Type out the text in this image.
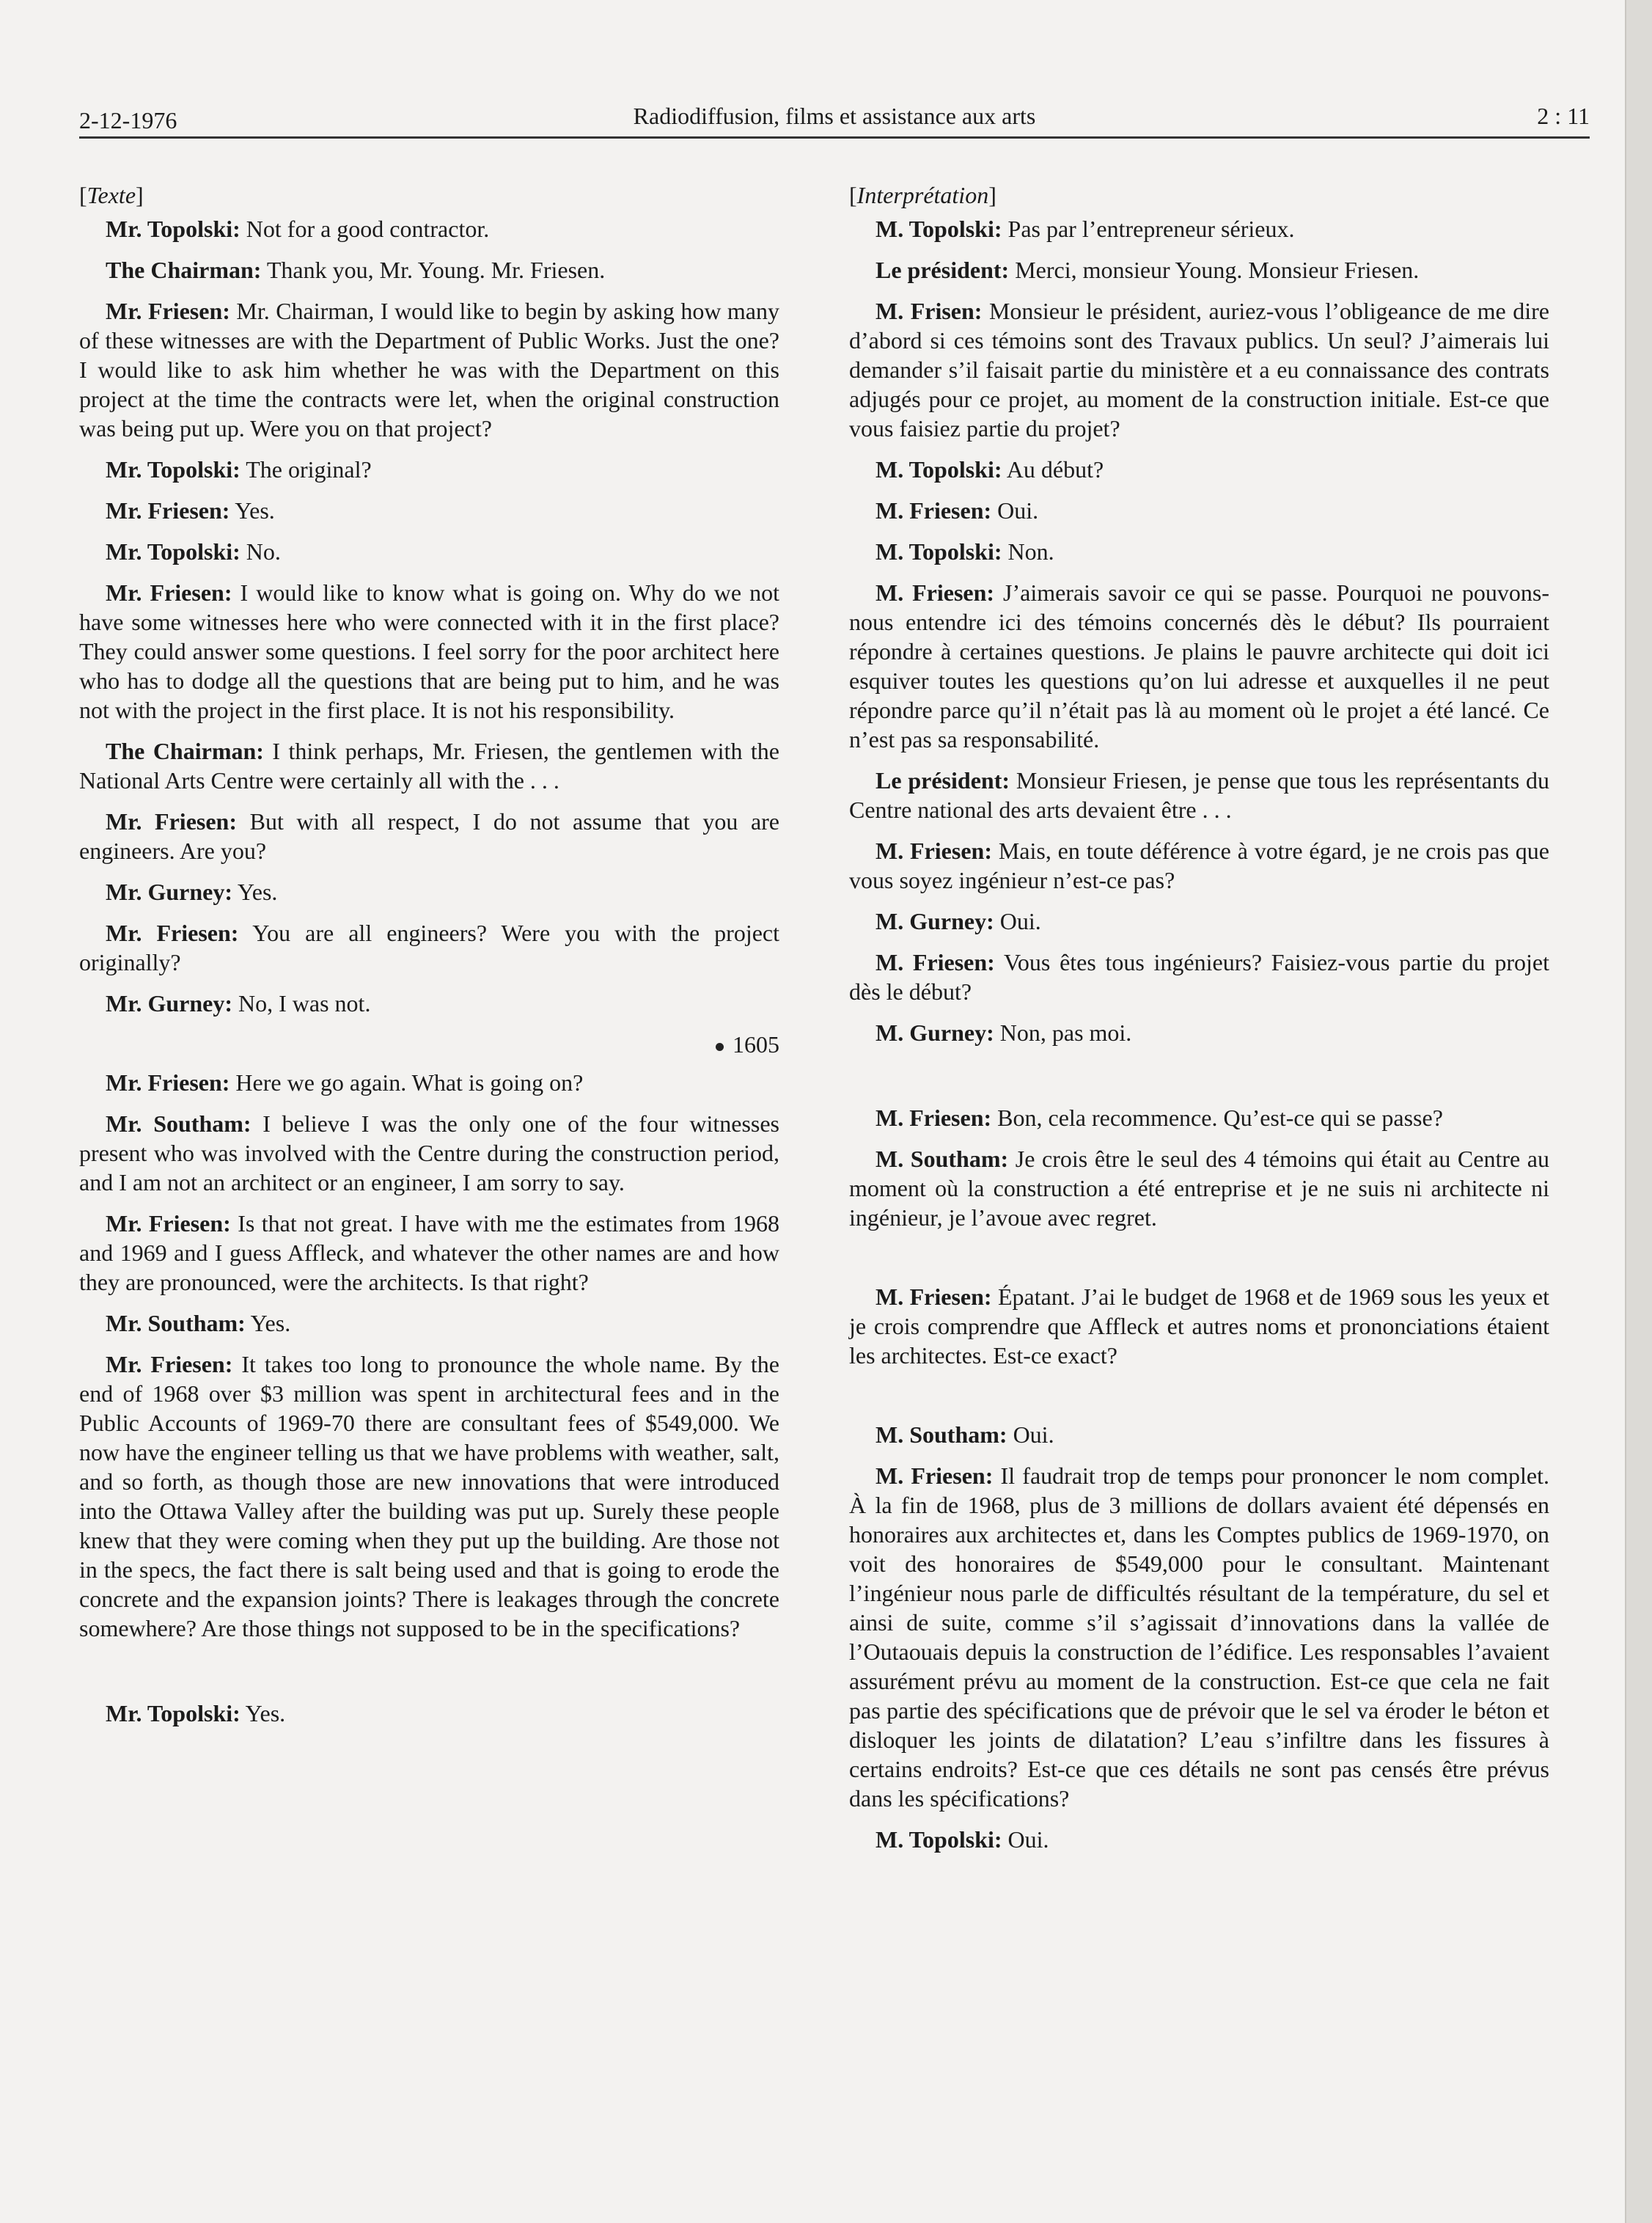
2-12-1976	Radiodiffusion, films et assistance aux arts	2 : 11

[Texte]

Mr. Topolski: Not for a good contractor.

The Chairman: Thank you, Mr. Young. Mr. Friesen.

Mr. Friesen: Mr. Chairman, I would like to begin by asking how many of these witnesses are with the Department of Public Works. Just the one? I would like to ask him whether he was with the Department on this project at the time the contracts were let, when the original construction was being put up. Were you on that project?

Mr. Topolski: The original?

Mr. Friesen: Yes.

Mr. Topolski: No.

Mr. Friesen: I would like to know what is going on. Why do we not have some witnesses here who were connected with it in the first place? They could answer some questions. I feel sorry for the poor architect here who has to dodge all the questions that are being put to him, and he was not with the project in the first place. It is not his responsibility.

The Chairman: I think perhaps, Mr. Friesen, the gentlemen with the National Arts Centre were certainly all with the . . .

Mr. Friesen: But with all respect, I do not assume that you are engineers. Are you?

Mr. Gurney: Yes.

Mr. Friesen: You are all engineers? Were you with the project originally?

Mr. Gurney: No, I was not.

1605

Mr. Friesen: Here we go again. What is going on?

Mr. Southam: I believe I was the only one of the four witnesses present who was involved with the Centre during the construction period, and I am not an architect or an engineer, I am sorry to say.

Mr. Friesen: Is that not great. I have with me the estimates from 1968 and 1969 and I guess Affleck, and whatever the other names are and how they are pronounced, were the architects. Is that right?

Mr. Southam: Yes.

Mr. Friesen: It takes too long to pronounce the whole name. By the end of 1968 over $3 million was spent in architectural fees and in the Public Accounts of 1969-70 there are consultant fees of $549,000. We now have the engineer telling us that we have problems with weather, salt, and so forth, as though those are new innovations that were introduced into the Ottawa Valley after the building was put up. Surely these people knew that they were coming when they put up the building. Are those not in the specs, the fact there is salt being used and that is going to erode the concrete and the expansion joints? There is leakages through the concrete somewhere? Are those things not supposed to be in the specifications?

Mr. Topolski: Yes.

[Interprétation]

M. Topolski: Pas par l’entrepreneur sérieux.

Le président: Merci, monsieur Young. Monsieur Friesen.

M. Frisen: Monsieur le président, auriez-vous l’obligeance de me dire d’abord si ces témoins sont des Travaux publics. Un seul? J’aimerais lui demander s’il faisait partie du ministère et a eu connaissance des contrats adjugés pour ce projet, au moment de la construction initiale. Est-ce que vous faisiez partie du projet?

M. Topolski: Au début?

M. Friesen: Oui.

M. Topolski: Non.

M. Friesen: J’aimerais savoir ce qui se passe. Pourquoi ne pouvons-nous entendre ici des témoins concernés dès le début? Ils pourraient répondre à certaines questions. Je plains le pauvre architecte qui doit ici esquiver toutes les questions qu’on lui adresse et auxquelles il ne peut répondre parce qu’il n’était pas là au moment où le projet a été lancé. Ce n’est pas sa responsabilité.

Le président: Monsieur Friesen, je pense que tous les représentants du Centre national des arts devaient être . . .

M. Friesen: Mais, en toute déférence à votre égard, je ne crois pas que vous soyez ingénieur n’est-ce pas?

M. Gurney: Oui.

M. Friesen: Vous êtes tous ingénieurs? Faisiez-vous partie du projet dès le début?

M. Gurney: Non, pas moi.

M. Friesen: Bon, cela recommence. Qu’est-ce qui se passe?

M. Southam: Je crois être le seul des 4 témoins qui était au Centre au moment où la construction a été entreprise et je ne suis ni architecte ni ingénieur, je l’avoue avec regret.

M. Friesen: Épatant. J’ai le budget de 1968 et de 1969 sous les yeux et je crois comprendre que Affleck et autres noms et prononciations étaient les architectes. Est-ce exact?

M. Southam: Oui.

M. Friesen: Il faudrait trop de temps pour prononcer le nom complet. À la fin de 1968, plus de 3 millions de dollars avaient été dépensés en honoraires aux architectes et, dans les Comptes publics de 1969-1970, on voit des honoraires de $549,000 pour le consultant. Maintenant l’ingénieur nous parle de difficultés résultant de la température, du sel et ainsi de suite, comme s’il s’agissait d’innovations dans la vallée de l’Outaouais depuis la construction de l’édifice. Les responsables l’avaient assurément prévu au moment de la construction. Est-ce que cela ne fait pas partie des spécifications que de prévoir que le sel va éroder le béton et disloquer les joints de dilatation? L’eau s’infiltre dans les fissures à certains endroits? Est-ce que ces détails ne sont pas censés être prévus dans les spécifications?

M. Topolski: Oui.
